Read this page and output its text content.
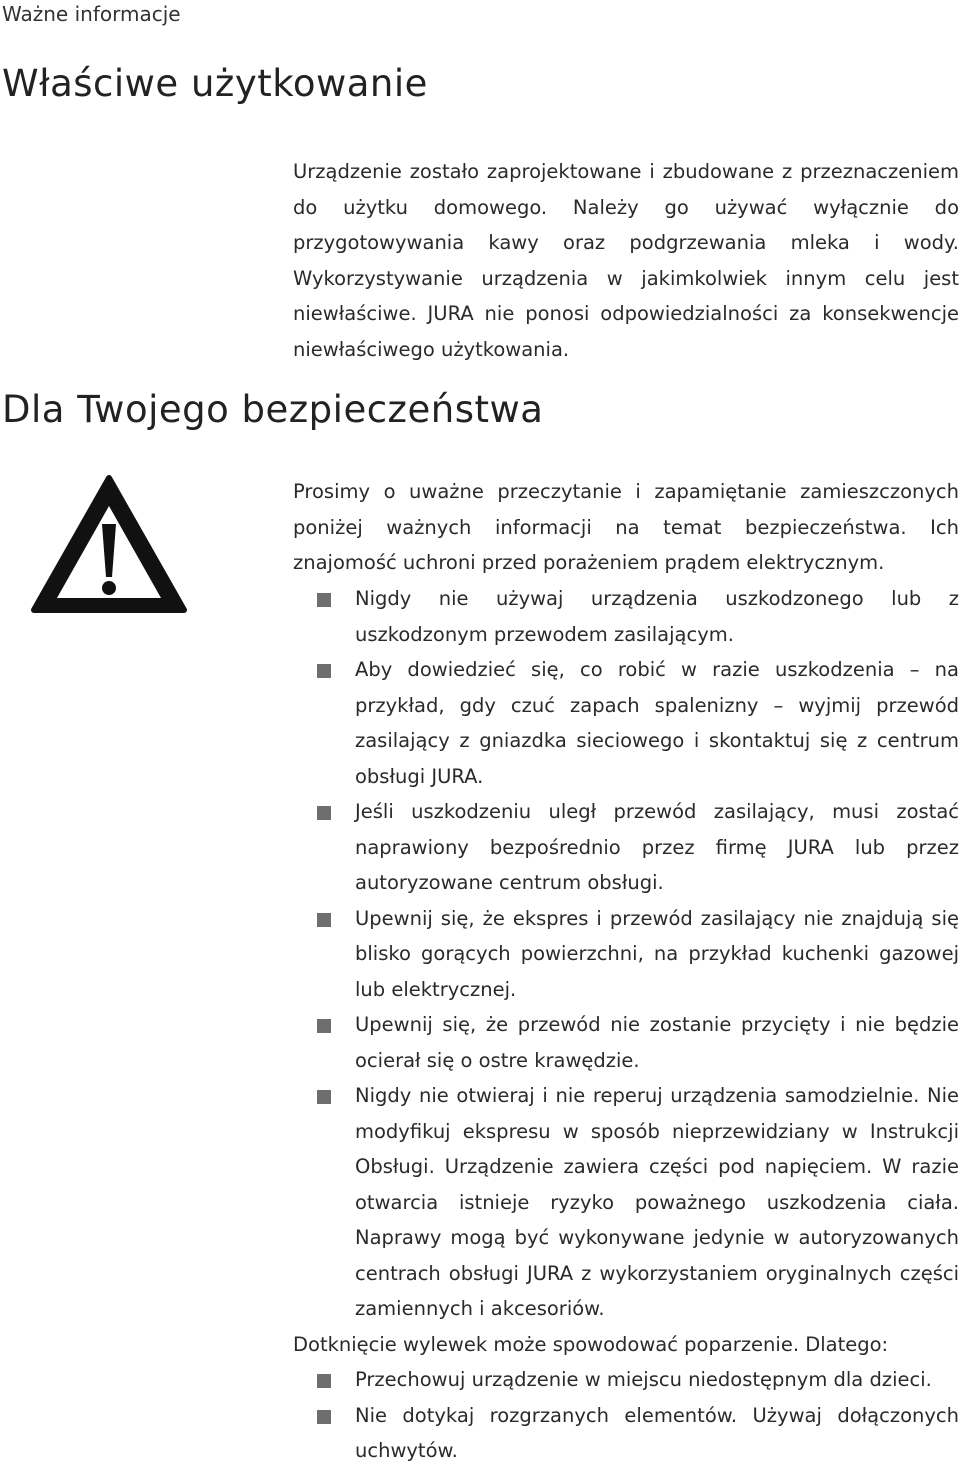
Ważne informacje
Właściwe użytkowanie

Urządzenie zostało zaprojektowane i zbudowane z przeznaczeniem do użytku domowego. Należy go używać wyłącznie do przygotowywania kawy oraz podgrzewania mleka i wody. Wykorzystywanie urządzenia w jakimkolwiek innym celu jest niewłaściwe. JURA nie ponosi odpowiedzialności za konsekwencje niewłaściwego użytkowania.

Dla Twojego bezpieczeństwa

Prosimy o uważne przeczytanie i zapamiętanie zamieszczonych poniżej ważnych informacji na temat bezpieczeństwa. Ich znajomość uchroni przed porażeniem prądem elektrycznym.

Nigdy nie używaj urządzenia uszkodzonego lub z uszkodzonym przewodem zasilającym.
Aby dowiedzieć się, co robić w razie uszkodzenia – na przykład, gdy czuć zapach spalenizny – wyjmij przewód zasilający z gniazdka sieciowego i skontaktuj się z centrum obsługi JURA.
Jeśli uszkodzeniu uległ przewód zasilający, musi zostać naprawiony bezpośrednio przez firmę JURA lub przez autoryzowane centrum obsługi.
Upewnij się, że ekspres i przewód zasilający nie znajdują się blisko gorących powierzchni, na przykład kuchenki gazowej lub elektrycznej.
Upewnij się, że przewód nie zostanie przycięty i nie będzie ocierał się o ostre krawędzie.
Nigdy nie otwieraj i nie reperuj urządzenia samodzielnie. Nie modyfikuj ekspresu w sposób nieprzewidziany w Instrukcji Obsługi. Urządzenie zawiera części pod napięciem. W razie otwarcia istnieje ryzyko poważnego uszkodzenia ciała. Naprawy mogą być wykonywane jedynie w autoryzowanych centrach obsługi JURA z wykorzystaniem oryginalnych części zamiennych i akcesoriów.

Dotknięcie wylewek może spowodować poparzenie. Dlatego:

Przechowuj urządzenie w miejscu niedostępnym dla dzieci.
Nie dotykaj rozgrzanych elementów. Używaj dołączonych uchwytów.
